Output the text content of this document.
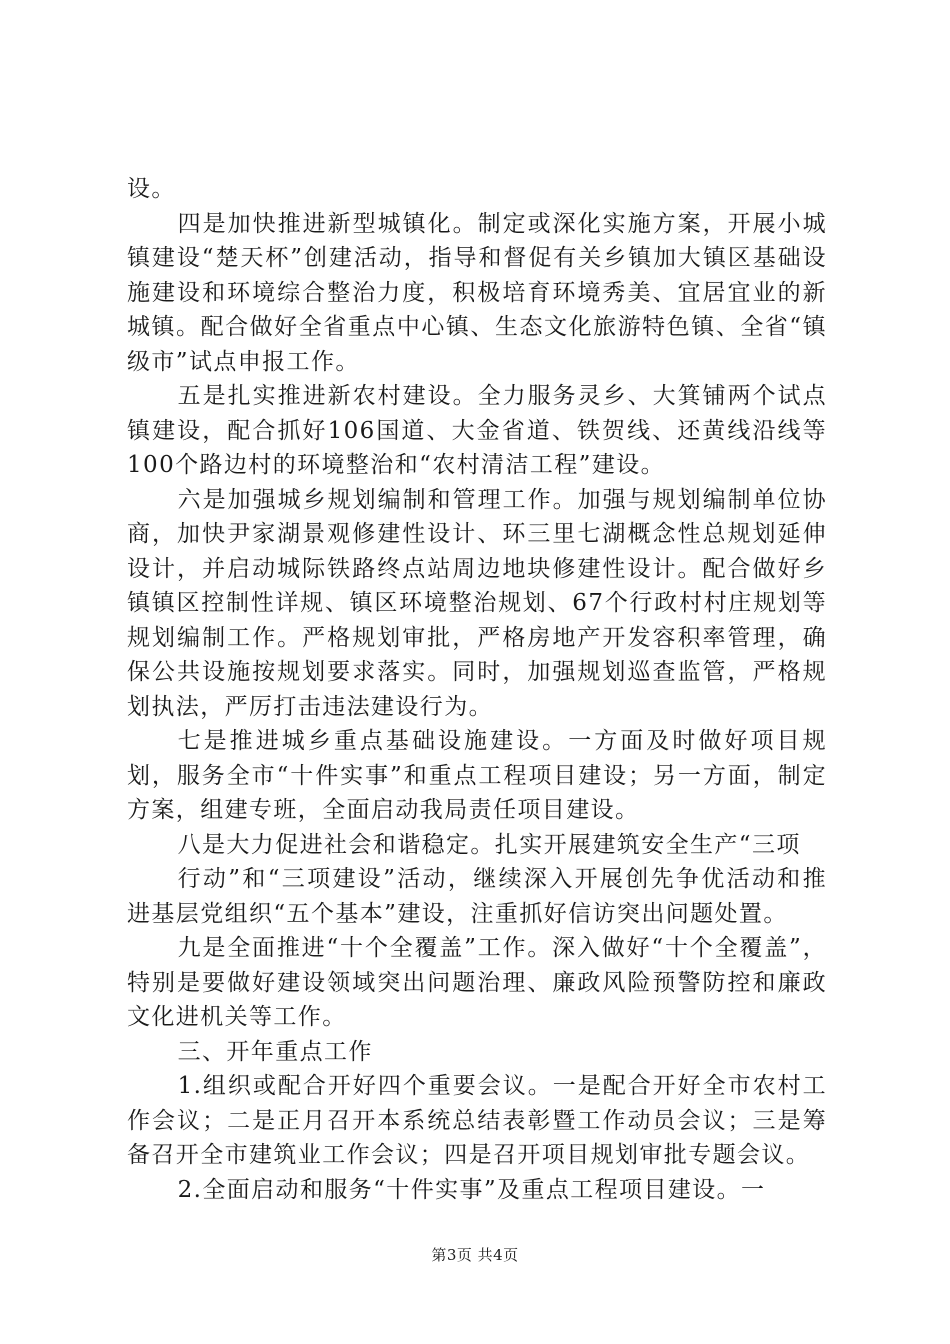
设。

四是加快推进新型城镇化。制定或深化实施方案，开展小城镇建设“楚天杯”创建活动，指导和督促有关乡镇加大镇区基础设施建设和环境综合整治力度，积极培育环境秀美、宜居宜业的新城镇。配合做好全省重点中心镇、生态文化旅游特色镇、全省“镇级市”试点申报工作。

五是扎实推进新农村建设。全力服务灵乡、大箕铺两个试点镇建设，配合抓好106国道、大金省道、铁贺线、还黄线沿线等100个路边村的环境整治和“农村清洁工程”建设。

六是加强城乡规划编制和管理工作。加强与规划编制单位协商，加快尹家湖景观修建性设计、环三里七湖概念性总规划延伸设计，并启动城际铁路终点站周边地块修建性设计。配合做好乡镇镇区控制性详规、镇区环境整治规划、67个行政村村庄规划等规划编制工作。严格规划审批，严格房地产开发容积率管理，确保公共设施按规划要求落实。同时，加强规划巡查监管，严格规划执法，严厉打击违法建设行为。

七是推进城乡重点基础设施建设。一方面及时做好项目规划，服务全市“十件实事”和重点工程项目建设；另一方面，制定方案，组建专班，全面启动我局责任项目建设。

八是大力促进社会和谐稳定。扎实开展建筑安全生产“三项

行动”和“三项建设”活动，继续深入开展创先争优活动和推进基层党组织“五个基本”建设，注重抓好信访突出问题处置。

九是全面推进“十个全覆盖”工作。深入做好“十个全覆盖”，特别是要做好建设领域突出问题治理、廉政风险预警防控和廉政文化进机关等工作。

三、开年重点工作

1.组织或配合开好四个重要会议。一是配合开好全市农村工作会议；二是正月召开本系统总结表彰暨工作动员会议；三是筹备召开全市建筑业工作会议；四是召开项目规划审批专题会议。

2.全面启动和服务“十件实事”及重点工程项目建设。一

第3页 共4页
